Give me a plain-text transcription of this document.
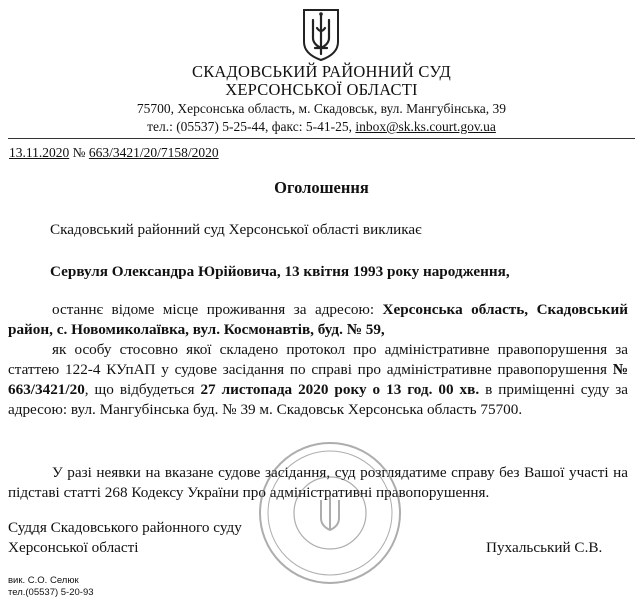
СКАДОВСЬКИЙ РАЙОННИЙ СУД
ХЕРСОНСЬКОЇ ОБЛАСТІ
75700, Херсонська область, м. Скадовськ, вул. Мангубінська, 39
тел.: (05537) 5-25-44, факс: 5-41-25, inbox@sk.ks.court.gov.ua
13.11.2020 № 663/3421/20/7158/2020
Оголошення
Скадовський районний суд Херсонської області викликає
Сервуля Олександра Юрійовича, 13 квітня 1993 року народження,

останнє відоме місце проживання за адресою: Херсонська область, Скадовський район, с. Новомиколаївка, вул. Космонавтів, буд. № 59,

як особу стосовно якої складено протокол про адміністративне правопорушення за статтею 122-4 КУпАП у судове засідання по справі про адміністративне правопорушення № 663/3421/20, що відбудеться 27 листопада 2020 року о 13 год. 00 хв. в приміщенні суду за адресою: вул. Мангубінська буд. № 39 м. Скадовськ Херсонська область 75700.

У разі неявки на вказане судове засідання, суд розглядатиме справу без Вашої участі на підставі статті 268 Кодексу України про адміністративні правопорушення.

Суддя Скадовського районного суду
Херсонської області	Пухальський С.В.
вик. С.О. Селюк
тел.(05537) 5-20-93
